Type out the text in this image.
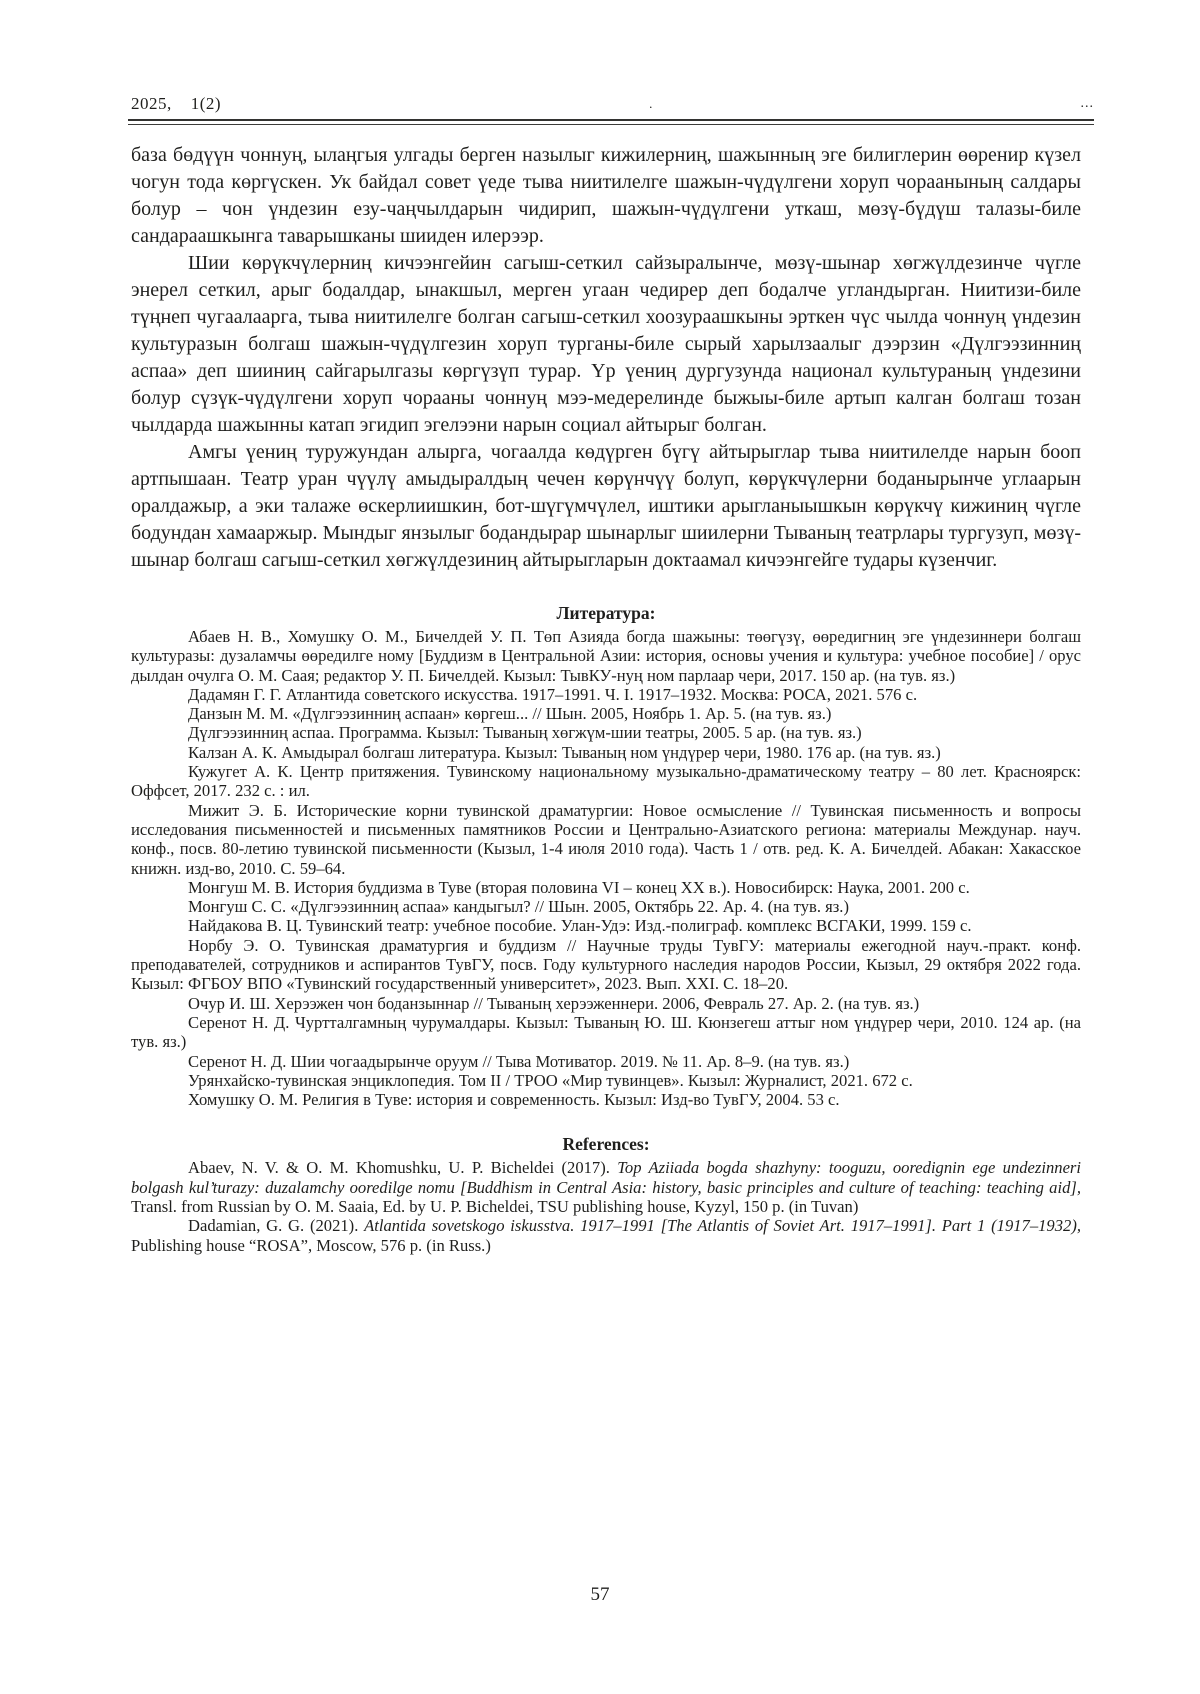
2025,    1(2)	.	...

база бөдүүн чоннуң, ылаңгыя улгады берген назылыг кижилерниң, шажынның эге билиглерин өөренир күзел чогун тода көргүскен. Ук байдал совет үеде тыва ниитилелге шажын-чүдүлгени хоруп чораанының салдары болур – чон үндезин езу-чаңчылдарын чидирип, шажын-чүдүлгени уткаш, мөзү-бүдүш талазы-биле сандараашкынга таварышканы шииден илерээр.

Шии көрүкчүлерниң кичээнгейин сагыш-сеткил сайзыралынче, мөзү-шынар хөгжүлдезинче чүгле энерел сеткил, арыг бодалдар, ынакшыл, мерген угаан чедирер деп бодалче угландырган. Ниитизи-биле түңнеп чугаалаарга, тыва ниитилелге болган сагыш-сеткил хоозураашкыны эрткен чүс чылда чоннуң үндезин культуразын болгаш шажын-чүдүлгезин хоруп турганы-биле сырый харылзаалыг дээрзин «Дүлгээзинниң аспаа» деп шииниң сайгарылгазы көргүзүп турар. Үр үениң дургузунда национал культураның үндезини болур сүзүк-чүдүлгени хоруп чорааны чоннуң мээ-медерелинде быжыы-биле артып калган болгаш тозан чылдарда шажынны катап эгидип эгелээни нарын социал айтырыг болган.

Амгы үениң туружундан алырга, чогаалда көдүрген бүгү айтырыглар тыва ниитилелде нарын бооп артпышаан. Театр уран чүүлү амыдыралдың чечен көрүнчүү болуп, көрүкчүлерни боданырынче углаарын оралдажыр, а эки талаже өскерлиишкин, бот-шүгүмчүлел, иштики арыгланыышкын көрүкчү кижиниң чүгле бодундан хамааржыр. Мындыг янзылыг бодандырар шынарлыг шиилерни Тываның театрлары тургузуп, мөзү-шынар болгаш сагыш-сеткил хөгжүлдезиниң айтырыгларын доктаамал кичээнгейге тудары күзенчиг.

Литература:

Абаев Н. В., Хомушку О. М., Бичелдей У. П. Төп Азияда богда шажыны: төөгүзү, өөредигниң эге үндезиннери болгаш культуразы: дузаламчы өөредилге ному [Буддизм в Центральной Азии: история, основы учения и культура: учебное пособие] / орус дылдан очулга О. М. Саая; редактор У. П. Бичелдей. Кызыл: ТывКУ-нуң ном парлаар чери, 2017. 150 ар. (на тув. яз.)

Дадамян Г. Г. Атлантида советского искусства. 1917–1991. Ч. I. 1917–1932. Москва: РОСА, 2021. 576 с.

Данзын М. М. «Дүлгээзинниң аспаан» көргеш... // Шын. 2005, Ноябрь 1. Ар. 5. (на тув. яз.)

Дүлгээзинниң аспаа. Программа. Кызыл: Тываның хөгжүм-шии театры, 2005. 5 ар. (на тув. яз.)

Калзан А. К. Амыдырал болгаш литература. Кызыл: Тываның ном үндүрер чери, 1980. 176 ар. (на тув. яз.)

Кужугет А. К. Центр притяжения. Тувинскому национальному музыкально-драматическому театру – 80 лет. Красноярск: Оффсет, 2017. 232 с. : ил.

Мижит Э. Б. Исторические корни тувинской драматургии: Новое осмысление // Тувинская письменность и вопросы исследования письменностей и письменных памятников России и Центрально-Азиатского региона: материалы Междунар. науч. конф., посв. 80-летию тувинской письменности (Кызыл, 1-4 июля 2010 года). Часть 1 / отв. ред. К. А. Бичелдей. Абакан: Хакасское книжн. изд-во, 2010. С. 59–64.

Монгуш М. В. История буддизма в Туве (вторая половина VI – конец XX в.). Новосибирск: Наука, 2001. 200 с.

Монгуш С. С. «Дүлгээзинниң аспаа» кандыгыл? // Шын. 2005, Октябрь 22. Ар. 4. (на тув. яз.)

Найдакова В. Ц. Тувинский театр: учебное пособие. Улан-Удэ: Изд.-полиграф. комплекс ВСГАКИ, 1999. 159 с.

Норбу Э. О. Тувинская драматургия и буддизм // Научные труды ТувГУ: материалы ежегодной науч.-практ. конф. преподавателей, сотрудников и аспирантов ТувГУ, посв. Году культурного наследия народов России, Кызыл, 29 октября 2022 года. Кызыл: ФГБОУ ВПО «Тувинский государственный университет», 2023. Вып. XXI. С. 18–20.

Очур И. Ш. Херээжен чон боданзыннар // Тываның херээженнери. 2006, Февраль 27. Ар. 2. (на тув. яз.)

Серенот Н. Д. Чуртталгамның чурумалдары. Кызыл: Тываның Ю. Ш. Кюнзегеш аттыг ном үндүрер чери, 2010. 124 ар. (на тув. яз.)

Серенот Н. Д. Шии чогаадырынче оруум // Тыва Мотиватор. 2019. № 11. Ар. 8–9. (на тув. яз.)

Урянхайско-тувинская энциклопедия. Том II / ТРОО «Мир тувинцев». Кызыл: Журналист, 2021. 672 с.

Хомушку О. М. Религия в Туве: история и современность. Кызыл: Изд-во ТувГУ, 2004. 53 с.

References:

Abaev, N. V. & O. M. Khomushku, U. P. Bicheldei (2017). Top Aziiada bogda shazhyny: tooguzu, ooredignin ege undezinneri bolgash kul’turazy: duzalamchy ooredilge nomu [Buddhism in Central Asia: history, basic principles and culture of teaching: teaching aid], Transl. from Russian by O. M. Saaia, Ed. by U. P. Bicheldei, TSU publishing house, Kyzyl, 150 p. (in Tuvan)

Dadamian, G. G. (2021). Atlantida sovetskogo iskusstva. 1917–1991 [The Atlantis of Soviet Art. 1917–1991]. Part 1 (1917–1932), Publishing house “ROSA”, Moscow, 576 p. (in Russ.)

57
